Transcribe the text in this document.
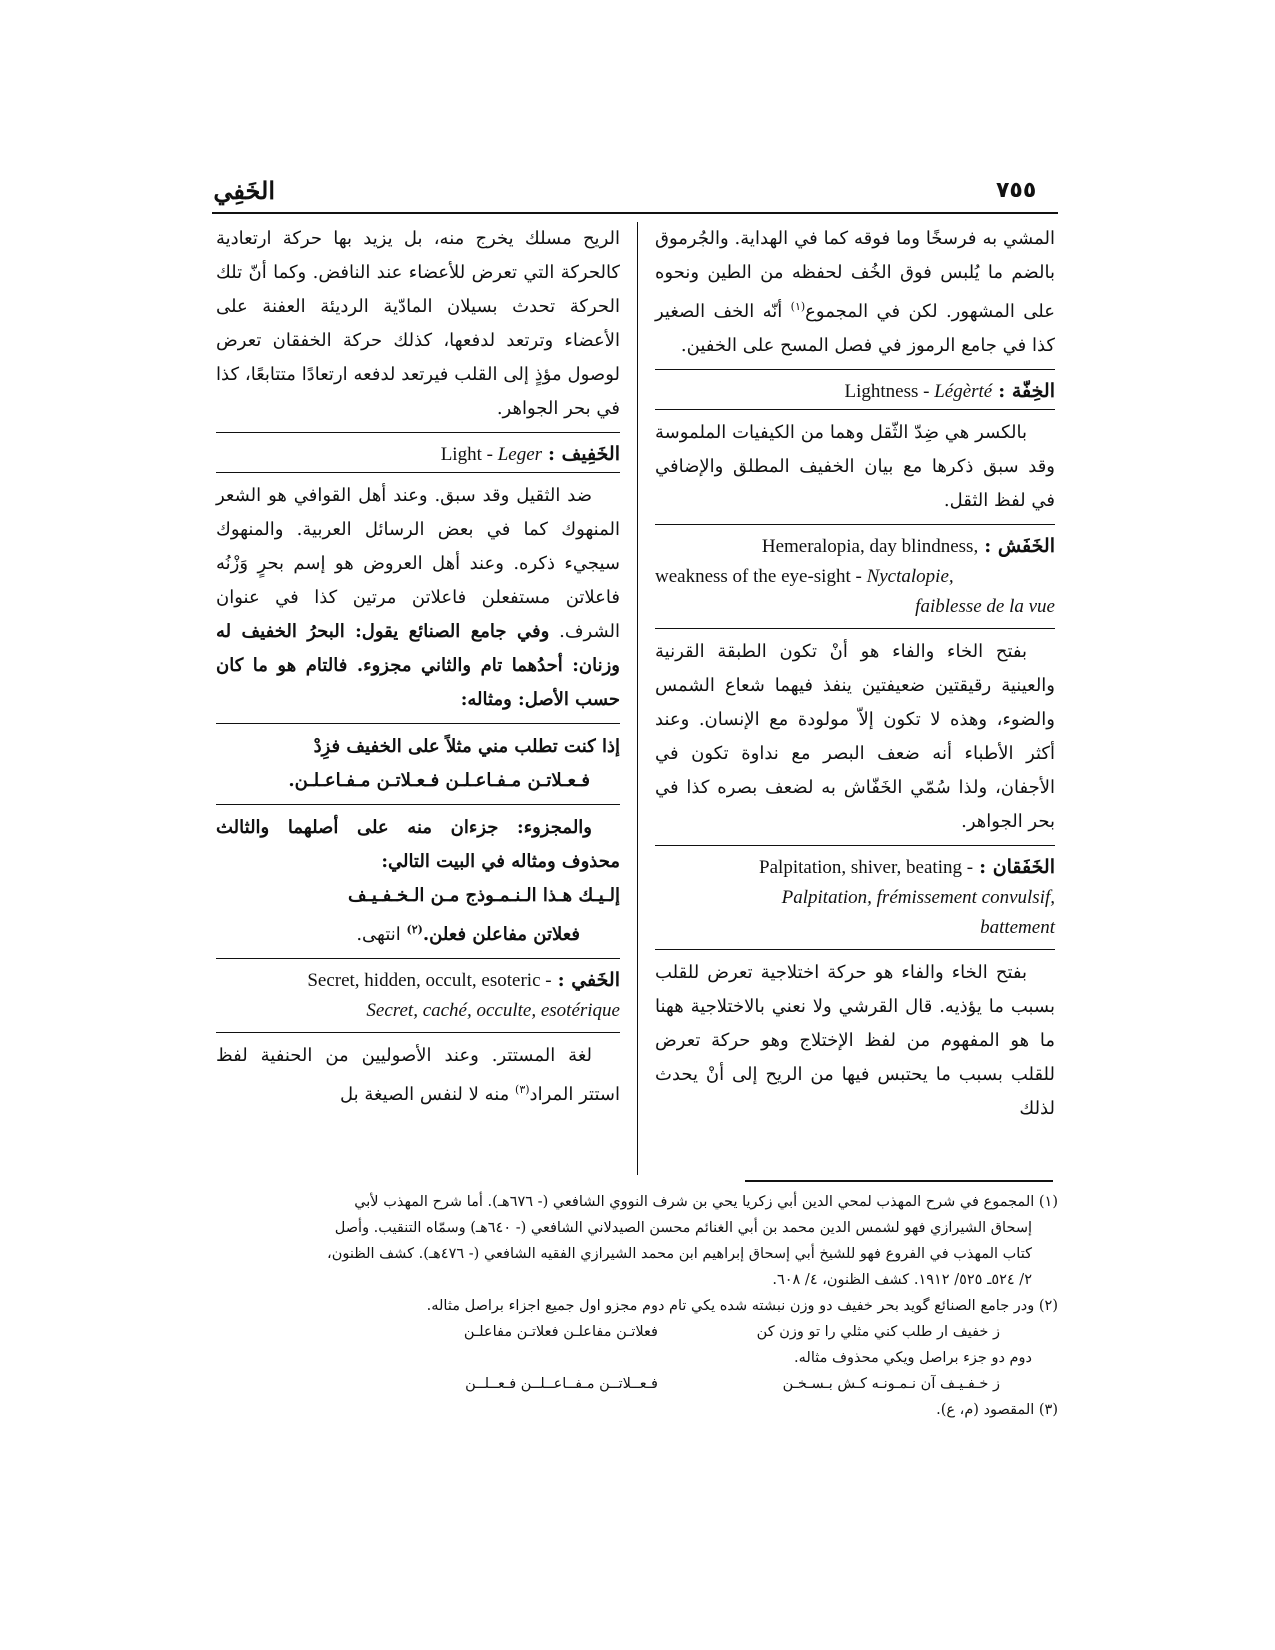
الخَفِي	٧٥٥

المشي به فرسخًا وما فوقه كما في الهداية. والجُرموق بالضم ما يُلبس فوق الخُف لحفظه من الطين ونحوه على المشهور. لكن في المجموع$^{(١)}$ أنّه الخف الصغير كذا في جامع الرموز في فصل المسح على الخفين.

الخِفّة :
Lightness - Légèrté

بالكسر هي ضِدّ الثّقل وهما من الكيفيات الملموسة وقد سبق ذكرها مع بيان الخفيف المطلق والإضافي في لفظ الثقل.

الخَفَش :
Hemeralopia, day blindness,
weakness of the eye-sight - Nyctalopie,
faiblesse de la vue

بفتح الخاء والفاء هو أنْ تكون الطبقة القرنية والعينية رقيقتين ضعيفتين ينفذ فيهما شعاع الشمس والضوء، وهذه لا تكون إلاّ مولودة مع الإنسان. وعند أكثر الأطباء أنه ضعف البصر مع نداوة تكون في الأجفان، ولذا سُمّي الخَفّاش به لضعف بصره كذا في بحر الجواهر.

الخَفَقان :
Palpitation, shiver, beating -
Palpitation, frémissement convulsif,
battement

بفتح الخاء والفاء هو حركة اختلاجية تعرض للقلب بسبب ما يؤذيه. قال القرشي ولا نعني بالاختلاجية ههنا ما هو المفهوم من لفظ الإختلاج وهو حركة تعرض للقلب بسبب ما يحتبس فيها من الريح إلى أنْ يحدث لذلك

الريح مسلك يخرج منه، بل يزيد بها حركة ارتعادية كالحركة التي تعرض للأعضاء عند النافض. وكما أنّ تلك الحركة تحدث بسيلان المادّية الرديئة العفنة على الأعضاء وترتعد لدفعها، كذلك حركة الخفقان تعرض لوصول مؤذٍ إلى القلب فيرتعد لدفعه ارتعادًا متتابعًا، كذا في بحر الجواهر.

الخَفِيف :
Light - Leger

ضد الثقيل وقد سبق. وعند أهل القوافي هو الشعر المنهوك كما في بعض الرسائل العربية. والمنهوك سيجيء ذكره. وعند أهل العروض هو إسم بحرٍ وَزْنُه فاعلاتن مستفعلن فاعلاتن مرتين كذا في عنوان الشرف. وفي جامع الصنائع يقول: البحرُ الخفيف له وزنان: أحدُهما تام والثاني مجزوء. فالتام هو ما كان حسب الأصل: ومثاله:

إذا كنت تطلب مني مثلاً على الخفيف فزِدْ
فـعـلاتـن مـفـاعـلـن فـعـلاتـن مـفـاعـلـن.

والمجزوء: جزءان منه على أصلهما والثالث محذوف ومثاله في البيت التالي:

إلـيـك هـذا الـنـمـوذج مـن الـخـفـيـف
فعلاتن مفاعلن فعلن.$^{(٢)}$ انتهى.
الخَفي :
Secret, hidden, occult, esoteric -
Secret, caché, occulte, esotérique

لغة المستتر. وعند الأصوليين من الحنفية لفظ استتر المراد$^{(٣)}$ منه لا لنفس الصيغة بل

(١) المجموع في شرح المهذب لمحي الدين أبي زكريا يحي بن شرف النووي الشافعي (- ٦٧٦هـ). أما شرح المهذب لأبي

إسحاق الشيرازي فهو لشمس الدين محمد بن أبي الغنائم محسن الصيدلاني الشافعي (- ٦٤٠هـ) وسمّاه التنقيب. وأصل

كتاب المهذب في الفروع فهو للشيخ أبي إسحاق إبراهيم ابن محمد الشيرازي الفقيه الشافعي (- ٤٧٦هـ). كشف الظنون،

٢/ ٥٢٤ـ ٥٢٥/ ١٩١٢. كشف الظنون، ٤/ ٦٠٨.

(٢) ودر جامع الصنائع گويد بحر خفيف دو وزن نبشته شده يكي تام دوم مجزو اول جميع اجزاء براصل مثاله.

ز خفيف ار طلب كني مثلي را تو وزن كن
فعلاتـن مفاعلـن فعلاتـن مفاعلـن

دوم دو جزء براصل ويكي محذوف مثاله.

ز خـفـيـف آن نـمـونـه كـش بـسـخـن
فـعــلاتــن مـفــاعــلــن فـعــلــن

(٣) المقصود (م، ع).
